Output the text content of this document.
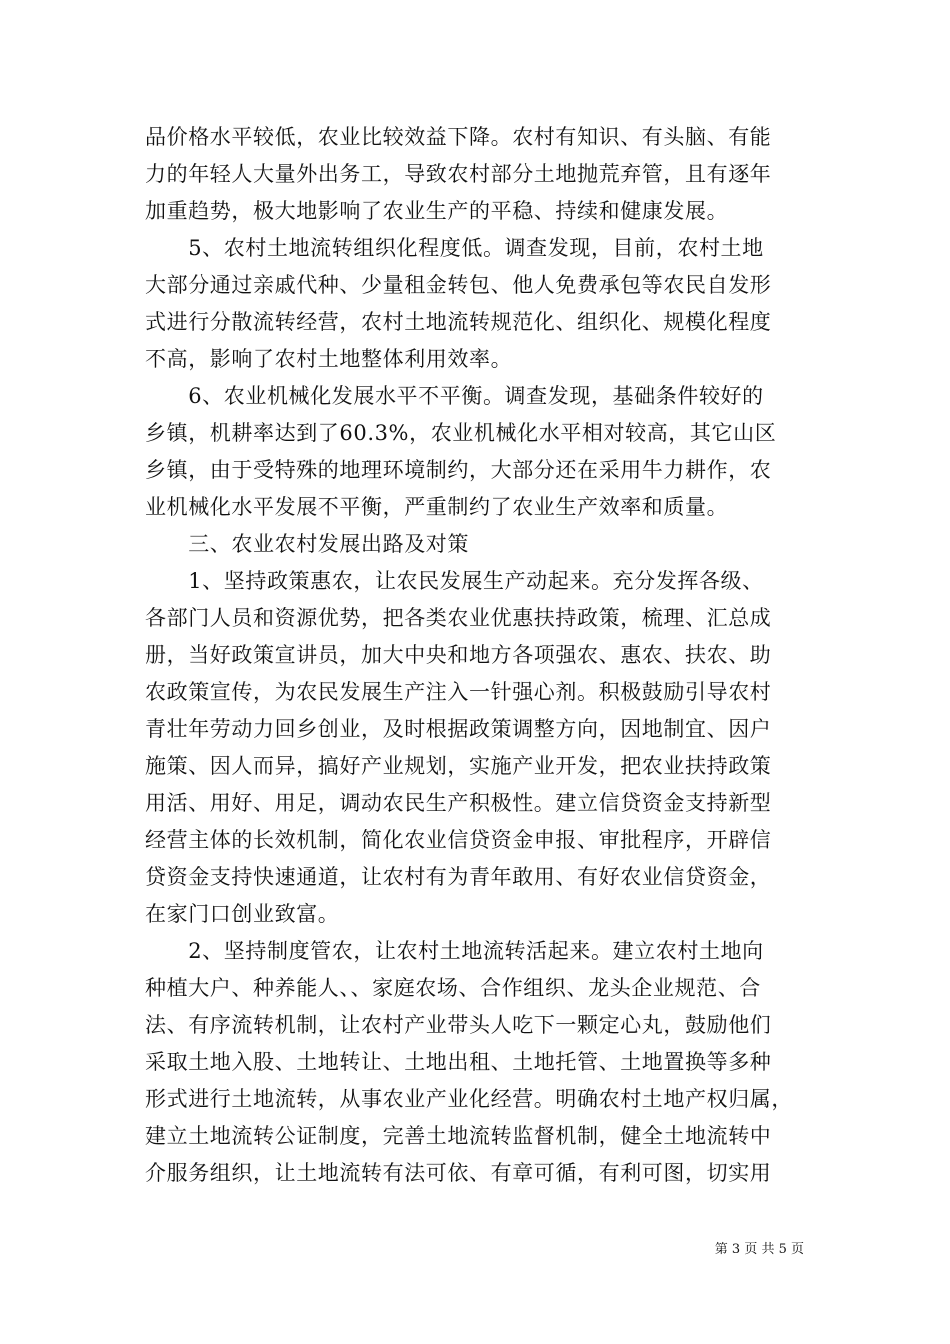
品价格水平较低，农业比较效益下降。农村有知识、有头脑、有能
力的年轻人大量外出务工，导致农村部分土地抛荒弃管，且有逐年
加重趋势，极大地影响了农业生产的平稳、持续和健康发展。
　　5、农村土地流转组织化程度低。调查发现，目前，农村土地
大部分通过亲戚代种、少量租金转包、他人免费承包等农民自发形
式进行分散流转经营，农村土地流转规范化、组织化、规模化程度
不高，影响了农村土地整体利用效率。
　　6、农业机械化发展水平不平衡。调查发现，基础条件较好的
乡镇，机耕率达到了60.3%，农业机械化水平相对较高，其它山区
乡镇，由于受特殊的地理环境制约，大部分还在采用牛力耕作，农
业机械化水平发展不平衡，严重制约了农业生产效率和质量。
　　三、农业农村发展出路及对策
　　1、坚持政策惠农，让农民发展生产动起来。充分发挥各级、
各部门人员和资源优势，把各类农业优惠扶持政策，梳理、汇总成
册，当好政策宣讲员，加大中央和地方各项强农、惠农、扶农、助
农政策宣传，为农民发展生产注入一针强心剂。积极鼓励引导农村
青壮年劳动力回乡创业，及时根据政策调整方向，因地制宜、因户
施策、因人而异，搞好产业规划，实施产业开发，把农业扶持政策
用活、用好、用足，调动农民生产积极性。建立信贷资金支持新型
经营主体的长效机制，简化农业信贷资金申报、审批程序，开辟信
贷资金支持快速通道，让农村有为青年敢用、有好农业信贷资金，
在家门口创业致富。
　　2、坚持制度管农，让农村土地流转活起来。建立农村土地向
种植大户、种养能人、、家庭农场、合作组织、龙头企业规范、合
法、有序流转机制，让农村产业带头人吃下一颗定心丸，鼓励他们
采取土地入股、土地转让、土地出租、土地托管、土地置换等多种
形式进行土地流转，从事农业产业化经营。明确农村土地产权归属，
建立土地流转公证制度，完善土地流转监督机制，健全土地流转中
介服务组织，让土地流转有法可依、有章可循，有利可图，切实用
第 3 页 共 5 页
